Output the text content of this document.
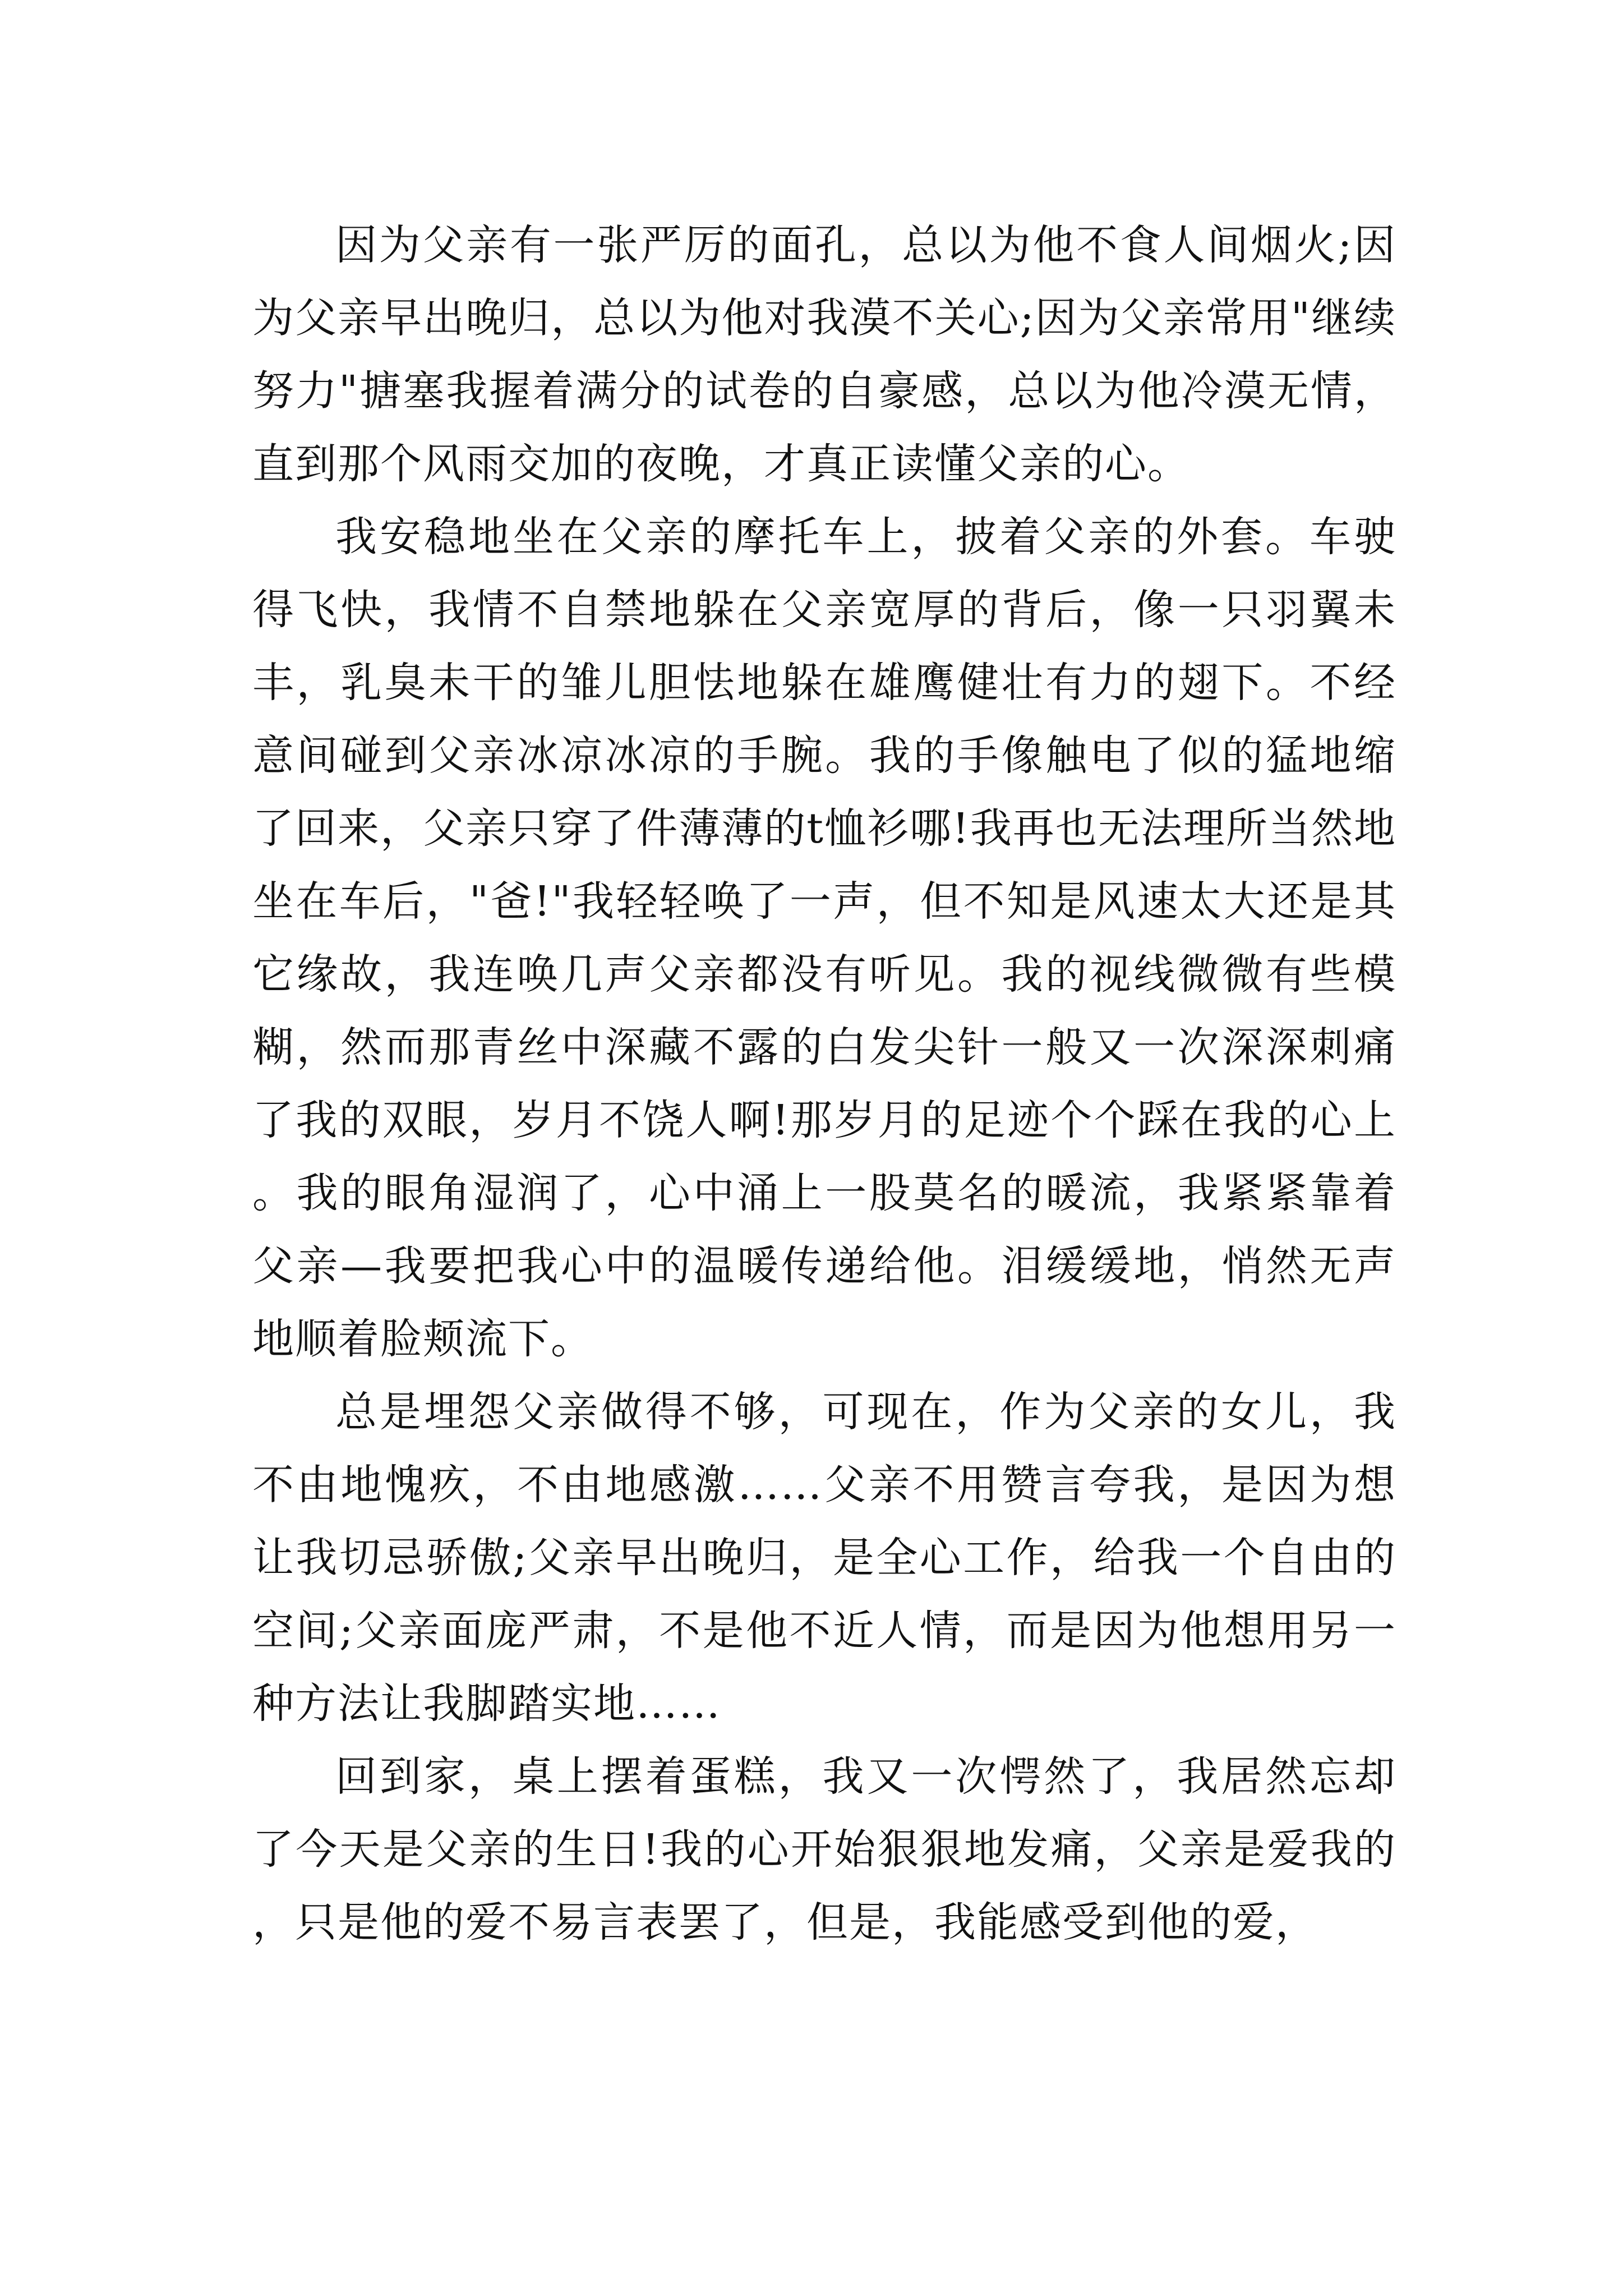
因为父亲有一张严厉的面孔，总以为他不食人间烟火;因为父亲早出晚归，总以为他对我漠不关心;因为父亲常用"继续努力"搪塞我握着满分的试卷的自豪感，总以为他冷漠无情，直到那个风雨交加的夜晚，才真正读懂父亲的心。

我安稳地坐在父亲的摩托车上，披着父亲的外套。车驶得飞快，我情不自禁地躲在父亲宽厚的背后，像一只羽翼未丰，乳臭未干的雏儿胆怯地躲在雄鹰健壮有力的翅下。不经意间碰到父亲冰凉冰凉的手腕。我的手像触电了似的猛地缩了回来，父亲只穿了件薄薄的t恤衫哪!我再也无法理所当然地坐在车后，"爸!"我轻轻唤了一声，但不知是风速太大还是其它缘故，我连唤几声父亲都没有听见。我的视线微微有些模糊，然而那青丝中深藏不露的白发尖针一般又一次深深刺痛了我的双眼，岁月不饶人啊!那岁月的足迹个个踩在我的心上。我的眼角湿润了，心中涌上一股莫名的暖流，我紧紧靠着父亲—我要把我心中的温暖传递给他。泪缓缓地，悄然无声地顺着脸颊流下。

总是埋怨父亲做得不够，可现在，作为父亲的女儿，我不由地愧疚，不由地感激……父亲不用赞言夸我，是因为想让我切忌骄傲;父亲早出晚归，是全心工作，给我一个自由的空间;父亲面庞严肃，不是他不近人情，而是因为他想用另一种方法让我脚踏实地……

回到家，桌上摆着蛋糕，我又一次愕然了，我居然忘却了今天是父亲的生日!我的心开始狠狠地发痛，父亲是爱我的，只是他的爱不易言表罢了，但是，我能感受到他的爱，
